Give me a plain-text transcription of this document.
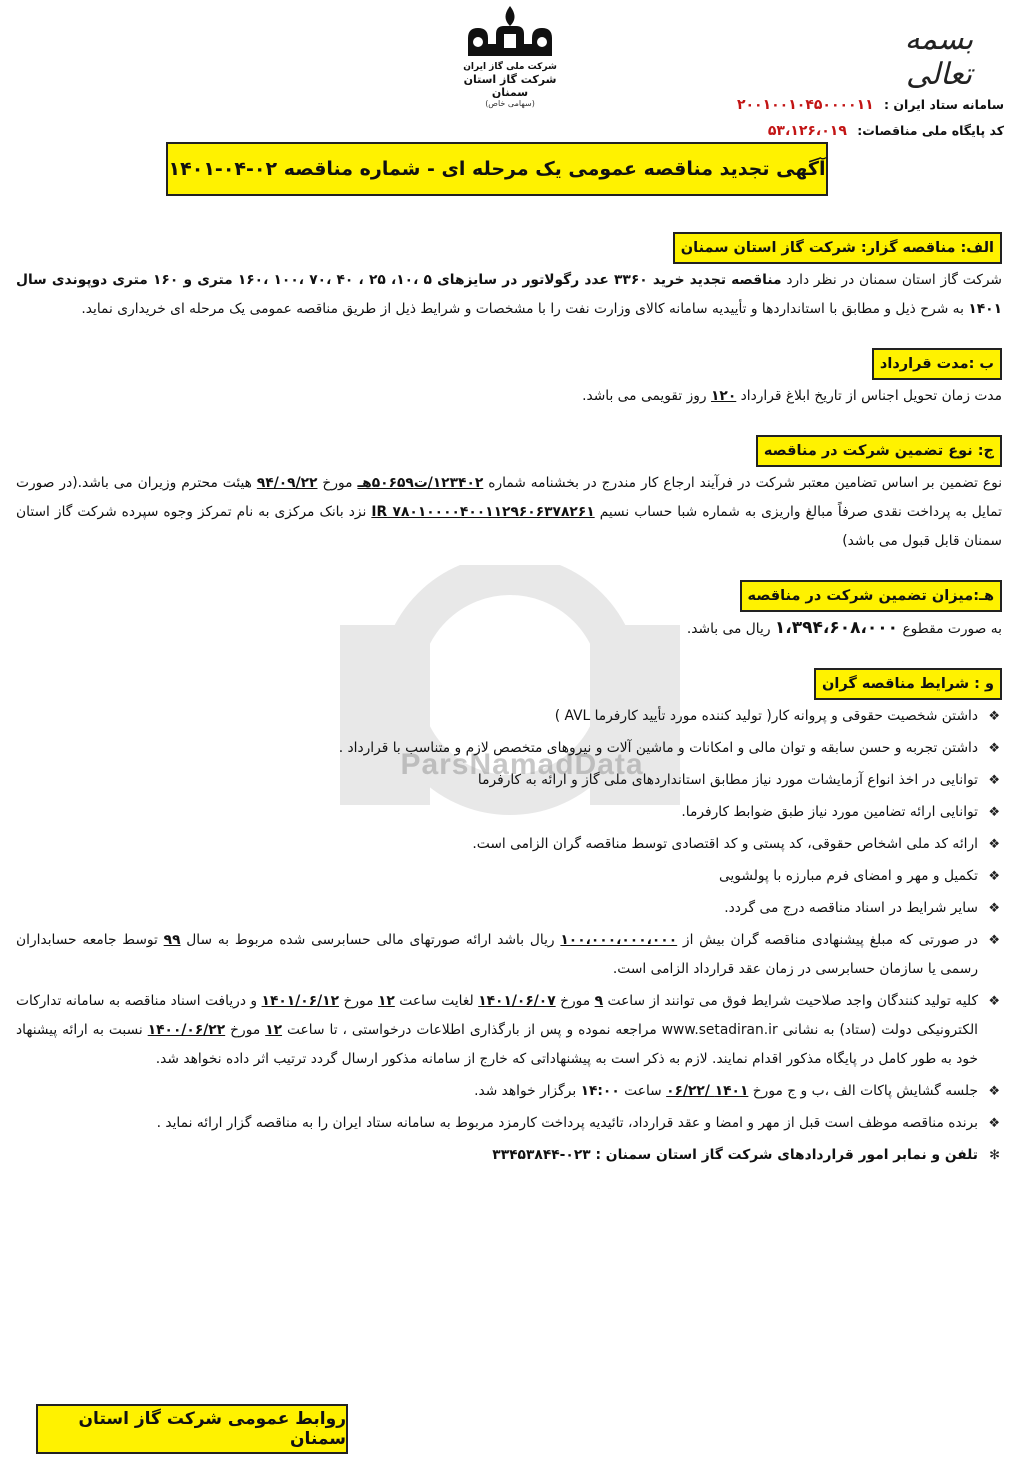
ParsNamadData
بسمه تعالی
شرکت ملی گاز ایران
شرکت گاز استان سمنان
(سهامی خاص)	سامانه ستاد ایران : ۲۰۰۱۰۰۱۰۴۵۰۰۰۰۱۱
کد پایگاه ملی مناقصات: ۵۳،۱۲۶،۰۱۹
آگهی تجدید مناقصه عمومی یک مرحله ای - شماره مناقصه ۰۲-۰۴-۱۴۰۱
الف: مناقصه گزار: شرکت گاز استان سمنان
شرکت گاز استان سمنان در نظر دارد مناقصه تجدید خرید ۳۳۶۰ عدد رگولاتور در سایزهای ۵ ،۱۰، ۲۵ ، ۴۰ ،۷۰ ،۱۰۰ ،۱۶۰ متری و ۱۶۰ متری دوپوندی سال ۱۴۰۱ به شرح ذیل و مطابق با استانداردها و تأییدیه سامانه کالای وزارت نفت را با مشخصات و شرایط ذیل از طریق مناقصه عمومی یک مرحله ای خریداری نماید.
ب :مدت قرارداد
مدت زمان تحویل اجناس از تاریخ ابلاغ قرارداد ۱۲۰ روز تقویمی می باشد.
ج: نوع تضمین شرکت در مناقصه
نوع تضمین بر اساس تضامین معتبر شرکت در فرآیند ارجاع کار مندرج در بخشنامه شماره ۱۲۳۴۰۲/ت۵۰۶۵۹هـ مورخ ۹۴/۰۹/۲۲ هیئت محترم وزیران می باشد.(در صورت تمایل به پرداخت نقدی صرفاً مبالغ واریزی به شماره شبا حساب نسیم IR ۷۸۰۱۰۰۰۰۴۰۰۱۱۲۹۶۰۶۳۷۸۲۶۱ نزد بانک مرکزی به نام تمرکز وجوه سپرده شرکت گاز استان سمنان قابل قبول می باشد)
هـ:میزان تضمین شرکت در مناقصه
به صورت مقطوع ۱،۳۹۴،۶۰۸،۰۰۰ ریال می باشد.
و : شرایط مناقصه گران
❖ داشتن شخصیت حقوقی و پروانه کار( تولید کننده مورد تأیید کارفرما AVL )
❖ داشتن تجربه و حسن سابقه و توان مالی و امکانات و ماشین آلات و نیروهای متخصص لازم و متناسب با قرارداد .
❖ توانایی در اخذ انواع آزمایشات مورد نیاز مطابق استانداردهای ملی گاز و ارائه به کارفرما
❖ توانایی ارائه تضامین مورد نیاز طبق ضوابط کارفرما.
❖ ارائه کد ملی اشخاص حقوقی، کد پستی و کد اقتصادی توسط مناقصه گران الزامی است.
❖ تکمیل و مهر و امضای فرم مبارزه با پولشویی
❖ سایر شرایط در اسناد مناقصه درج می گردد.
❖ در صورتی که مبلغ پیشنهادی مناقصه گران بیش از ۱۰۰،۰۰۰،۰۰۰،۰۰۰ ریال باشد ارائه صورتهای مالی حسابرسی شده مربوط به سال ۹۹ توسط جامعه حسابداران رسمی یا سازمان حسابرسی در زمان عقد قرارداد الزامی است.
❖ کلیه تولید کنندگان واجد صلاحیت شرایط فوق می توانند از ساعت ۹ مورخ ۱۴۰۱/۰۶/۰۷ لغایت ساعت ۱۲ مورخ ۱۴۰۱/۰۶/۱۲ و دریافت اسناد مناقصه به سامانه تدارکات الکترونیکی دولت (ستاد) به نشانی www.setadiran.ir مراجعه نموده و پس از بارگذاری اطلاعات درخواستی ، تا ساعت ۱۲ مورخ ۱۴۰۰/۰۶/۲۲ نسبت به ارائه پیشنهاد خود به طور کامل در پایگاه مذکور اقدام نمایند. لازم به ذکر است به پیشنهاداتی که خارج از سامانه مذکور ارسال گردد ترتیب اثر داده نخواهد شد.
❖ جلسه گشایش پاکات الف ،ب و ج مورخ ۱۴۰۱ /۰۶/۲۲ ساعت ۱۴:۰۰ برگزار خواهد شد.
❖ برنده مناقصه موظف است قبل از مهر و امضا و عقد قرارداد، تائیدیه پرداخت کارمزد مربوط به سامانه ستاد ایران را به مناقصه گزار ارائه نماید .
✻ تلفن و نمابر امور قراردادهای شرکت گاز استان سمنان : ۰۲۳-۳۳۴۵۳۸۴۴
روابط عمومی شرکت گاز استان سمنان
